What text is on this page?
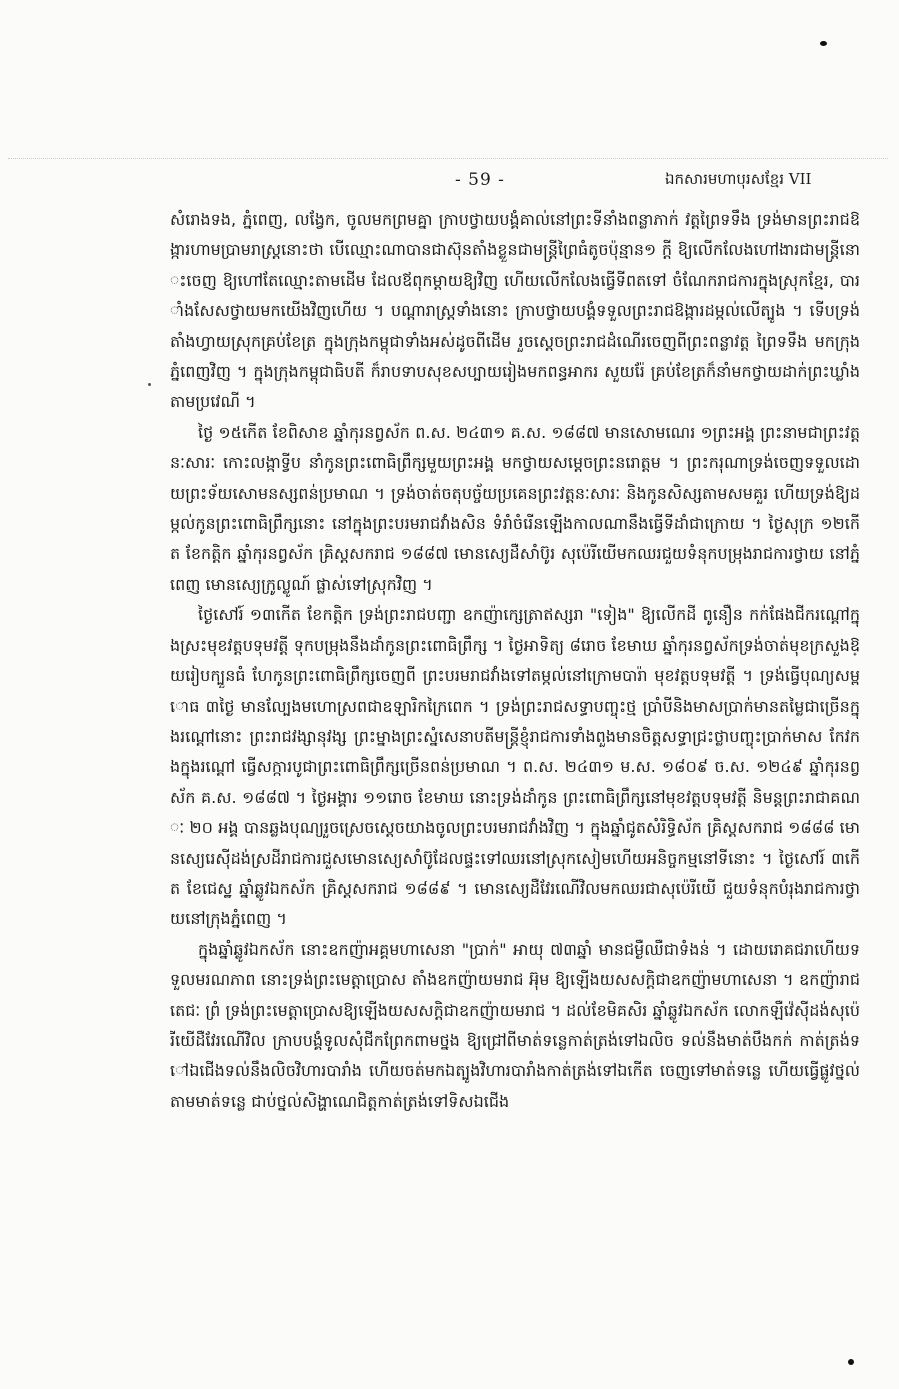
- 59 -	ឯកសារមហាបុរសខ្មែរ VII

សំរោងទង, ភ្នំពេញ, លង្វែក, ចូលមកព្រមគ្នា ក្រាបថ្វាយបង្គំគាល់នៅព្រះទីនាំងពន្លាភាក់ វត្តព្រៃទទឹង ទ្រង់មានព្រះរាជឱង្ការហាមប្រាមរាស្ត្រនោះថា បើឈ្មោះណាបានជាស៊ុនតាំងខ្លួនជាមន្ត្រីព្រៃធំតូចប៉ុន្មាន១ ក្តី ឱ្យលើកលែងហៅងារជាមន្ត្រីនោះចេញ ឱ្យហៅតែឈ្មោះតាមដើម ដែលឪពុកម្តាយឱ្យវិញ ហើយលើកលែងធ្វើទីពតទៅ ចំណែករាជការក្នុងស្រុកខ្មែរ, បារាំងសែសថ្វាយមកយើងវិញហើយ ។ បណ្តារាស្ត្រទាំងនោះ ក្រាបថ្វាយបង្គំទទួលព្រះរាជឱង្ការដម្កល់លើត្បូង ។ ទើបទ្រង់តាំងហ្វាយស្រុកគ្រប់ខែត្រ ក្នុងក្រុងកម្ពុជាទាំងអស់ដូចពីដើម រួចស្តេចព្រះរាជដំណើរចេញពីព្រះពន្លាវត្ត ព្រៃទទឹង មកក្រុងភ្នំពេញវិញ ។ ក្នុងក្រុងកម្ពុជាធិបតី ក៏រាបទាបសុខសប្បាយរៀងមកពន្ធអាករ សួយរ៉ែ គ្រប់ខែត្រក៏នាំមកថ្វាយដាក់ព្រះឃ្លាំងតាមប្រវេណី ។

ថ្ងៃ ១៥កើត ខែពិសាខ ឆ្នាំកុរនព្វស័ក ព.ស. ២៤៣១ គ.ស. ១៨៨៧ មានសោមណេរ ១ព្រះអង្គ ព្រះនាមជាព្រះវត្តនៈសារៈ កោះលង្កាទ្វីប នាំកូនព្រះពោធិព្រឹក្សមួយព្រះអង្គ មកថ្វាយសម្តេចព្រះនរោត្តម ។ ព្រះករុណាទ្រង់ចេញទទួលដោយព្រះទ័យសោមនស្សពន់ប្រមាណ ។ ទ្រង់ចាត់ចតុបច្ច័យប្រគេនព្រះវត្តនៈសារៈ និងកូនសិស្សតាមសមគួរ ហើយទ្រង់ឱ្យដម្កល់កូនព្រះពោធិព្រឹក្សនោះ នៅក្នុងព្រះបរមរាជវាំងសិន ទំរាំចំរើនឡើងកាលណានឹងធ្វើទីដាំជាក្រោយ ។ ថ្ងៃសុក្រ ១២កើត ខែកត្តិក ឆ្នាំកុរនព្វស័ក គ្រិស្តសករាជ ១៨៨៧ មោនស្យេដឺសាំប៊ូរ សុប៉េរីយើមកឈរជួយទំនុកបម្រុងរាជការថ្វាយ នៅភ្នំពេញ មោនស្យេក្រូល្លូណ៍ ផ្លាស់ទៅស្រុកវិញ ។

ថ្ងៃសៅរ៍ ១៣កើត ខែកត្តិក ទ្រង់ព្រះរាជបញ្ជា ឧកញ៉ាក្សេត្រាឥស្សរា "ទៀង" ឱ្យលើកដី ពូនឿន កក់ផែងជីករណ្តៅក្នុងស្រះមុខវត្តបទុមវត្តី ទុកបម្រុងនឹងដាំកូនព្រះពោធិព្រឹក្ស ។ ថ្ងៃអាទិត្យ ៨រោច ខែមាឃ ឆ្នាំកុរនព្វស័កទ្រង់ចាត់មុខក្រសួងឱ្យរៀបក្បួនធំ ហែកូនព្រះពោធិព្រឹក្សចេញពី ព្រះបរមរាជវាំងទៅតម្កល់នៅក្រោមបារ៉ា មុខវត្តបទុមវត្តី ។ ទ្រង់ធ្វើបុណ្យសម្ពោធ ៣ថ្ងៃ មានល្បែងមហោស្រពជាឧឡារិកក្រៃពេក ។ ទ្រង់ព្រះរាជសទ្ធាបញ្ចុះថ្ម ប្រាំបីនិងមាសប្រាក់មានតម្លៃជាច្រើនក្នុងរណ្តៅនោះ ព្រះរាជវង្សានុវង្ស ព្រះម្នាងព្រះស្នំសេនាបតីមន្ត្រីខ្ញុំរាជការទាំងពួងមានចិត្តសទ្ធាជ្រះថ្លាបញ្ចុះប្រាក់មាស កែវកងក្នុងរណ្តៅ ធ្វើសក្ការបូជាព្រះពោធិព្រឹក្សច្រើនពន់ប្រមាណ ។ ព.ស. ២៤៣១ ម.ស. ១៨០៩ ច.ស. ១២៤៩ ឆ្នាំកុរនព្វស័ក គ.ស. ១៨៨៧ ។ ថ្ងៃអង្គារ ១១រោច ខែមាឃ នោះទ្រង់ដាំកូន ព្រះពោធិព្រឹក្សនៅមុខវត្តបទុមវត្តី និមន្តព្រះរាជាគណៈ ២០ អង្គ បានឆ្លងបុណ្យរួចស្រេចស្តេចយាងចូលព្រះបរមរាជវាំងវិញ ។ ក្នុងឆ្នាំជូតសំរិទ្ធិស័ក គ្រិស្តសករាជ ១៨៨៨ មោនស្យេរេស៊ីដង់ស្រដីរាជការជួសមោនស្យេសាំប៊ូដែលផ្ទះទៅឈរនៅស្រុកសៀមហើយអនិច្ចកម្មនៅទីនោះ ។ ថ្ងៃសៅរ៍ ៣កើត ខែជេស្ឋ ឆ្នាំឆ្លូវឯកស័ក គ្រិស្តសករាជ ១៨៨៩ ។ មោនស្យេដឺវែរណើវិលមកឈរជាសុប៉េរីយើ ជួយទំនុកបំរុងរាជការថ្វាយនៅក្រុងភ្នំពេញ ។

ក្នុងឆ្នាំឆ្លូវឯកស័ក នោះឧកញ៉ាអគ្គមហាសេនា "ប្រាក់" អាយុ ៧៣ឆ្នាំ មានជម្ងឺឈឺជាទំងន់ ។ ដោយរោគជរាហើយទទួលមរណភាព នោះទ្រង់ព្រះមេត្តាប្រោស តាំងឧកញ៉ាយមរាជ អ៊ុម ឱ្យឡើងយសសក្តិជាឧកញ៉ាមហាសេនា ។ ឧកញ៉ារាជតេជៈ ព្រំ ទ្រង់ព្រះមេត្តាប្រោសឱ្យឡើងយសសក្តិជាឧកញ៉ាយមរាជ ។ ដល់ខែមិគសិរ ឆ្នាំឆ្លូវឯកស័ក លោកឡឺវ៉េស៊ីដង់សុប៉េរីយើដឺវែរណើវិល ក្រាបបង្គំទូលសុំជីកព្រែកពាមថ្នង ឱ្យជ្រៅពីមាត់ទន្លេកាត់ត្រង់ទៅឯលិច ទល់នឹងមាត់បឹងកក់ កាត់ត្រង់ទៅឯជើងទល់នឹងលិចវិហារបារាំង ហើយចត់មកឯត្បូងវិហារបារាំងកាត់ត្រង់ទៅឯកើត ចេញទៅមាត់ទន្លេ ហើយធ្វើផ្លូវថ្នល់តាមមាត់ទន្លេ ជាប់ថ្នល់សិង្ហាណេជិត្តកាត់ត្រង់ទៅទិសឯជើង
